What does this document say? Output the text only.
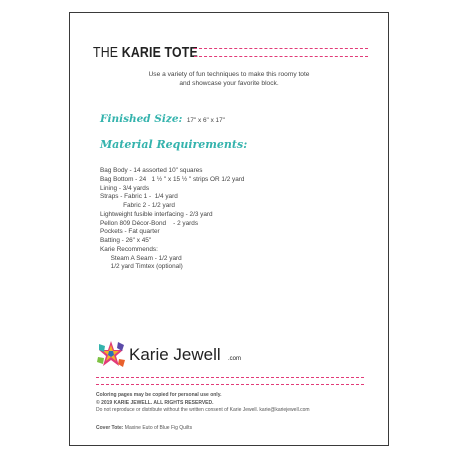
THE KARIE TOTE
Use a variety of fun techniques to make this roomy tote
and showcase your favorite block.
Finished Size: 17" x 6" x 17"
Material Requirements:
Bag Body - 14 assorted 10" squares
Bag Bottom - 24   1 ½ " x 15 ½ " strips OR 1/2 yard
Lining - 3/4 yards
Straps - Fabric 1 -  1/4 yard
Fabric 2 - 1/2 yard
Lightweight fusible interfacing - 2/3 yard
Pellon 809 Décor-Bond    - 2 yards
Pockets - Fat quarter
Batting - 26" x 45"
Karie Recommends:
Steam A Seam - 1/2 yard
1/2 yard Timtex (optional)
Karie Jewell .com
Coloring pages may be copied for personal use only.
© 2019 KARIE JEWELL. ALL RIGHTS RESERVED.
Do not reproduce or distribute without the written consent of Karie Jewell. karie@kariejewell.com
Cover Tote: Maxine Euto of Blue Fig Quilts
